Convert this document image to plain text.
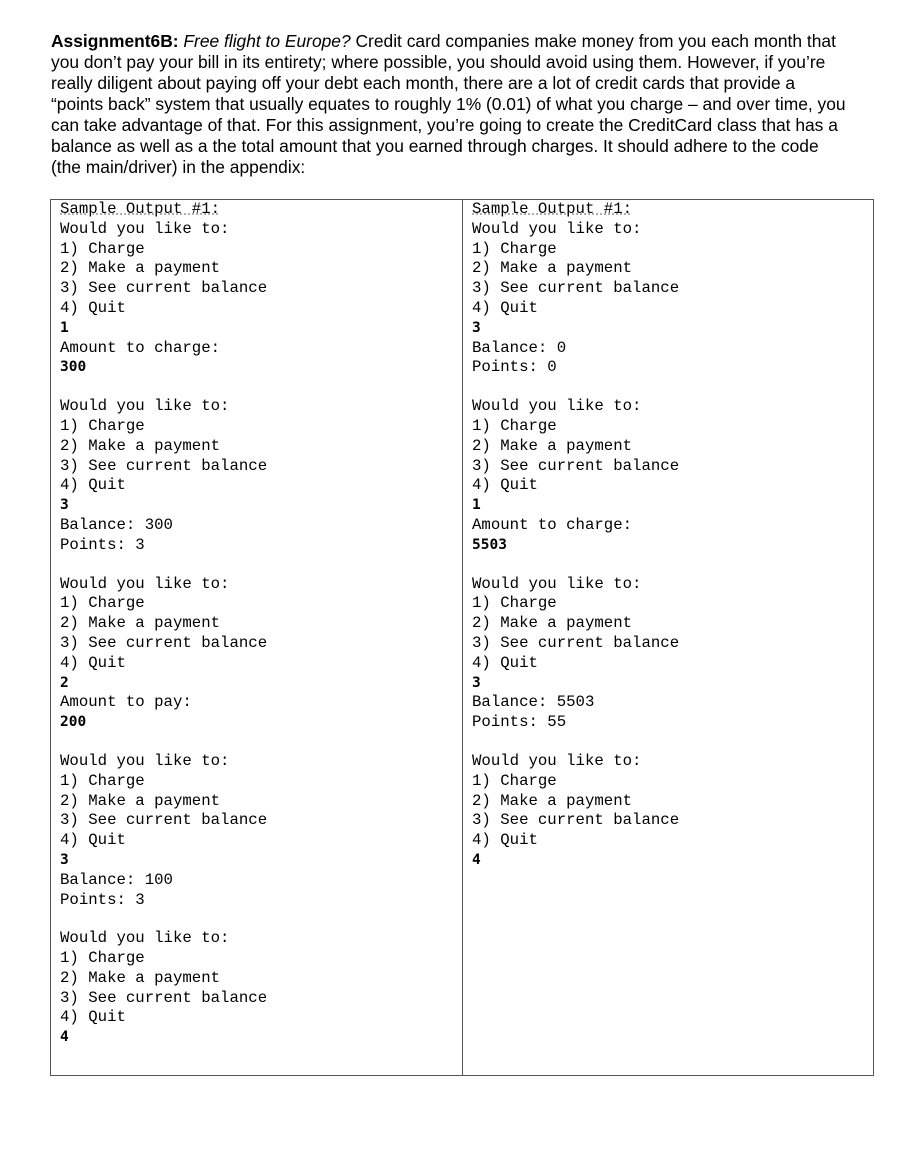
Assignment6B: Free flight to Europe? Credit card companies make money from you each month that you don’t pay your bill in its entirety; where possible, you should avoid using them. However, if you’re really diligent about paying off your debt each month, there are a lot of credit cards that provide a “points back” system that usually equates to roughly 1% (0.01) of what you charge – and over time, you can take advantage of that. For this assignment, you’re going to create the CreditCard class that has a balance as well as a the total amount that you earned through charges. It should adhere to the code (the main/driver) in the appendix:
Sample Output #1:
Would you like to:
1) Charge
2) Make a payment
3) See current balance
4) Quit
1
Amount to charge:
300
Would you like to:
1) Charge
2) Make a payment
3) See current balance
4) Quit
3
Balance: 300
Points: 3
Would you like to:
1) Charge
2) Make a payment
3) See current balance
4) Quit
2
Amount to pay:
200
Would you like to:
1) Charge
2) Make a payment
3) See current balance
4) Quit
3
Balance: 100
Points: 3
Would you like to:
1) Charge
2) Make a payment
3) See current balance
4) Quit
4
Sample Output #1:
Would you like to:
1) Charge
2) Make a payment
3) See current balance
4) Quit
3
Balance: 0
Points: 0
Would you like to:
1) Charge
2) Make a payment
3) See current balance
4) Quit
1
Amount to charge:
5503
Would you like to:
1) Charge
2) Make a payment
3) See current balance
4) Quit
3
Balance: 5503
Points: 55
Would you like to:
1) Charge
2) Make a payment
3) See current balance
4) Quit
4
